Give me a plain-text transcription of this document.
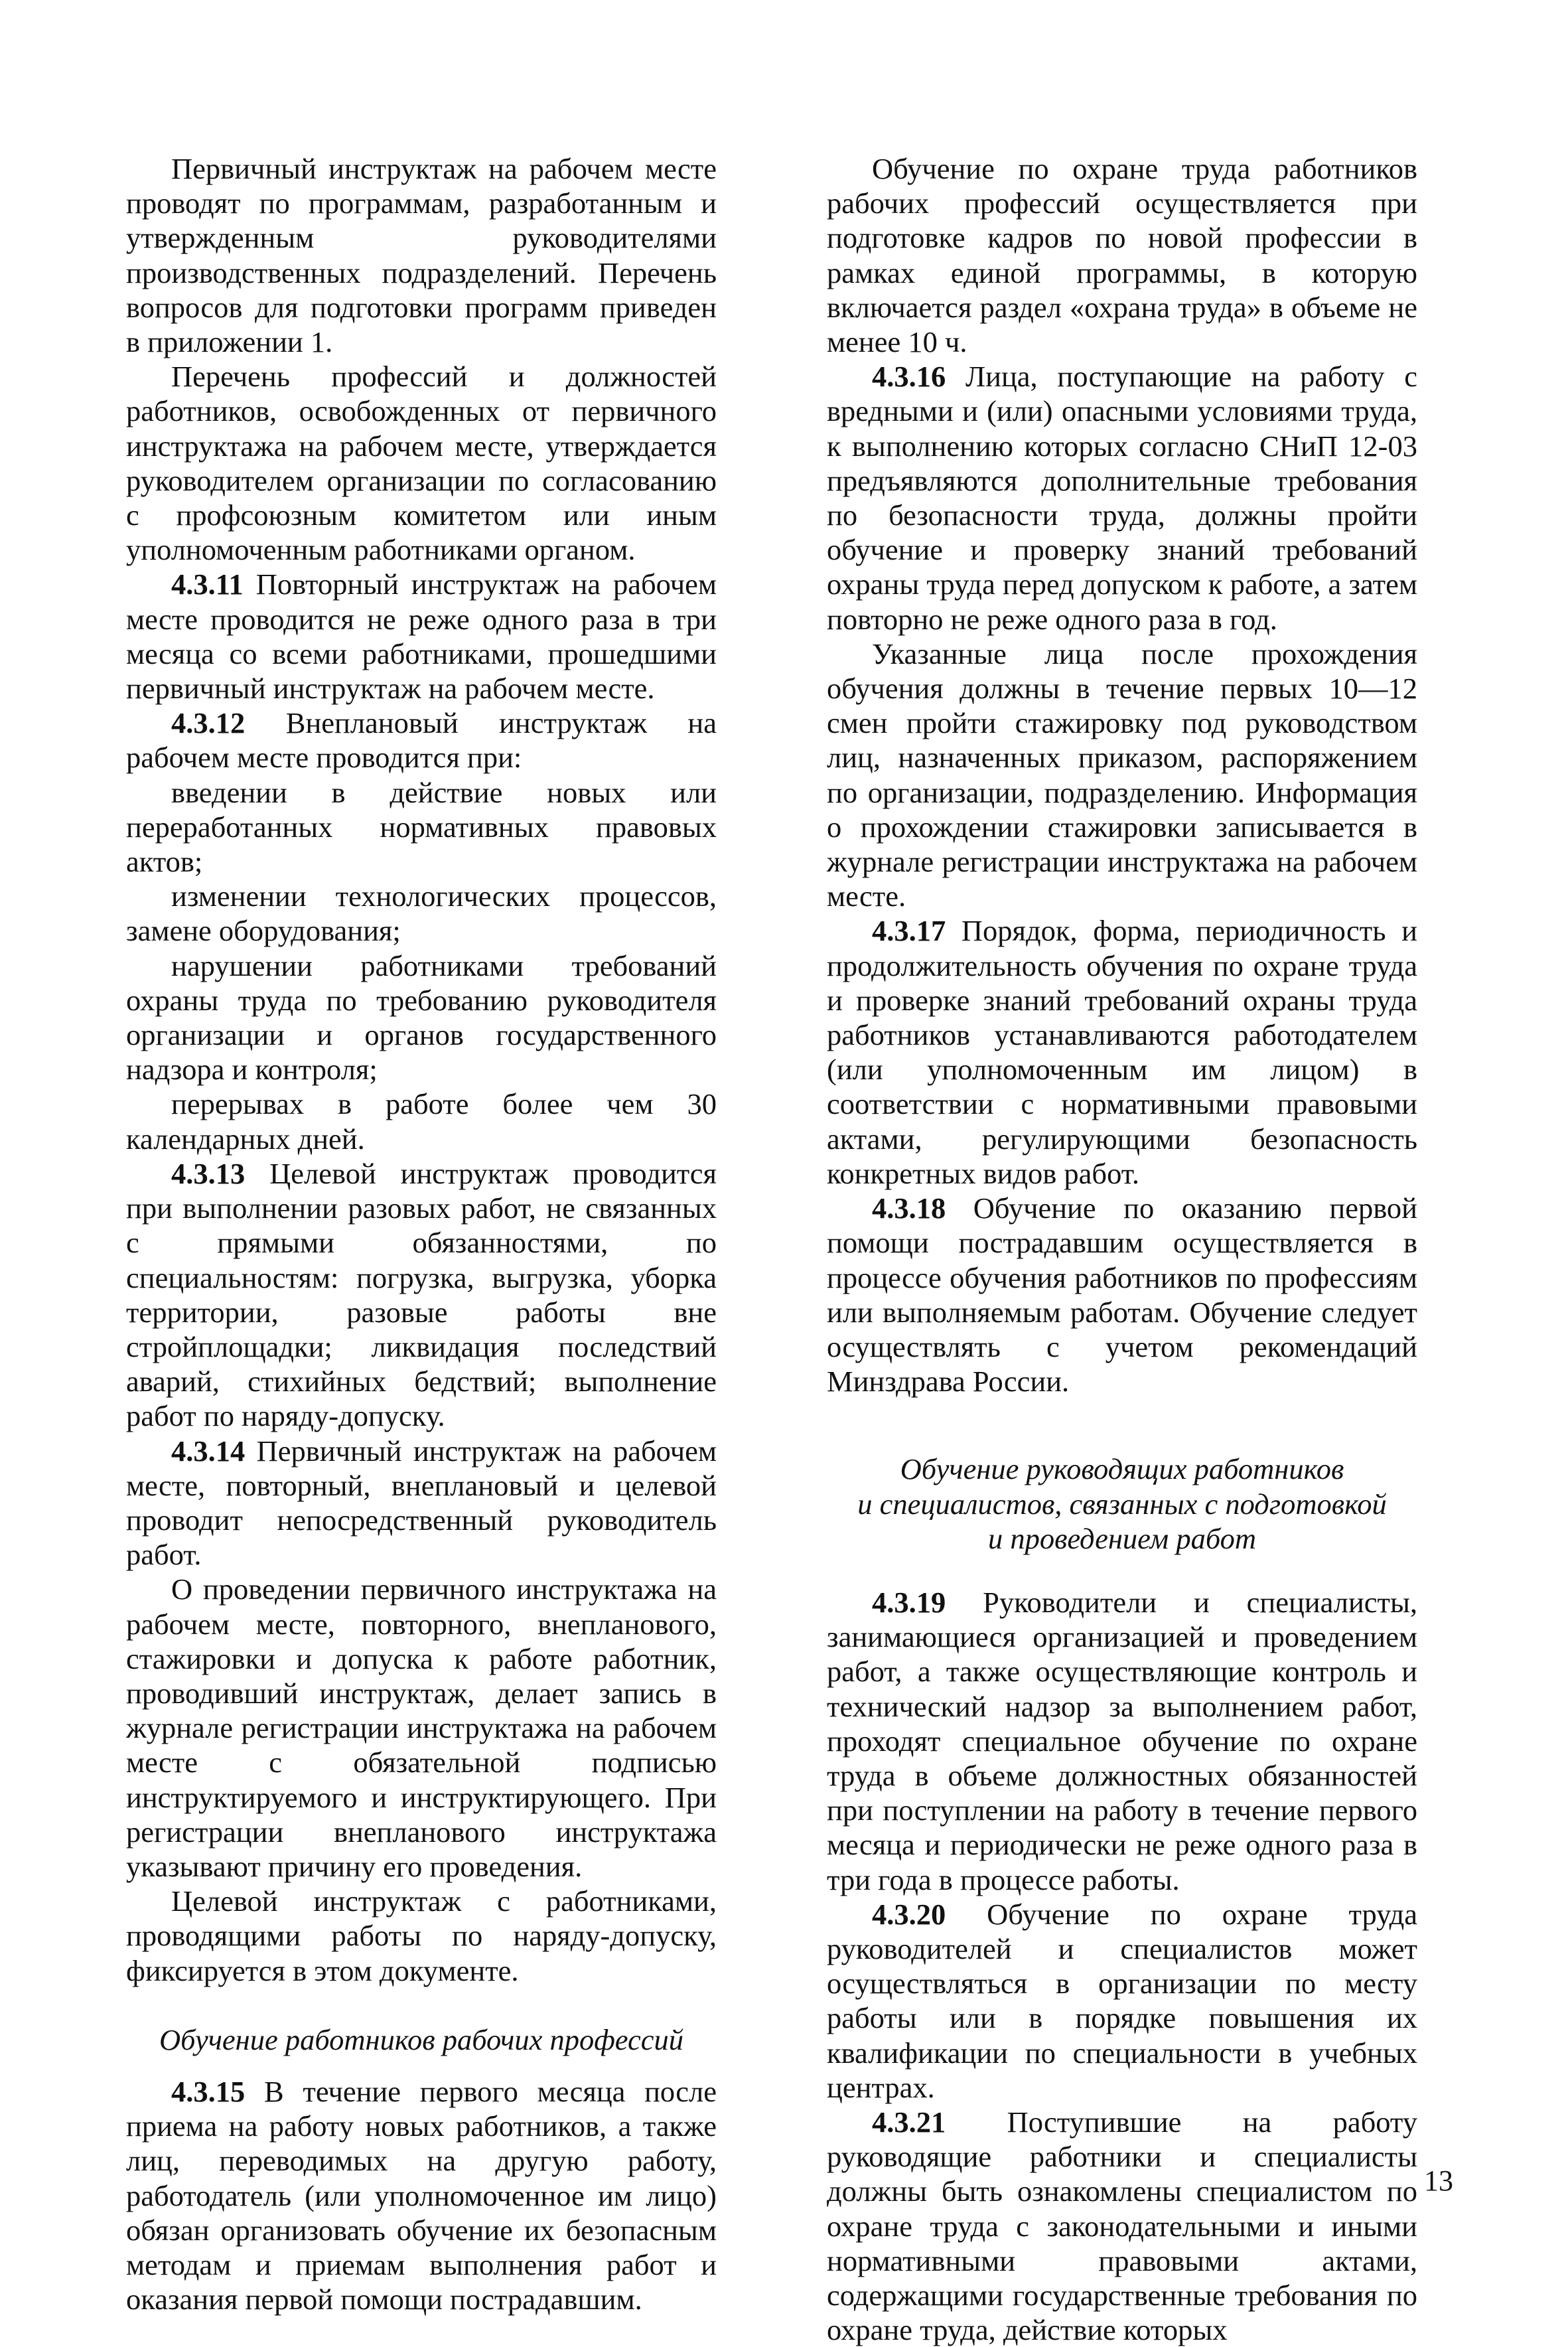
Первичный инструктаж на рабочем месте проводят по программам, разработанным и утвержденным руководителями производственных подразделений. Перечень вопросов для подготовки программ приведен в приложении 1.

Перечень профессий и должностей работников, освобожденных от первичного инструктажа на рабочем месте, утверждается руководителем организации по согласованию с профсоюзным комитетом или иным уполномоченным работниками органом.

4.3.11 Повторный инструктаж на рабочем месте проводится не реже одного раза в три месяца со всеми работниками, прошедшими первичный инструктаж на рабочем месте.

4.3.12 Внеплановый инструктаж на рабочем месте проводится при:

введении в действие новых или переработанных нормативных правовых актов;

изменении технологических процессов, замене оборудования;

нарушении работниками требований охраны труда по требованию руководителя организации и органов государственного надзора и контроля;

перерывах в работе более чем 30 календарных дней.

4.3.13 Целевой инструктаж проводится при выполнении разовых работ, не связанных с прямыми обязанностями, по специальностям: погрузка, выгрузка, уборка территории, разовые работы вне стройплощадки; ликвидация последствий аварий, стихийных бедствий; выполнение работ по наряду-допуску.

4.3.14 Первичный инструктаж на рабочем месте, повторный, внеплановый и целевой проводит непосредственный руководитель работ.

О проведении первичного инструктажа на рабочем месте, повторного, внепланового, стажировки и допуска к работе работник, проводивший инструктаж, делает запись в журнале регистрации инструктажа на рабочем месте с обязательной подписью инструктируемого и инструктирующего. При регистрации внепланового инструктажа указывают причину его проведения.

Целевой инструктаж с работниками, проводящими работы по наряду-допуску, фиксируется в этом документе.

Обучение работников рабочих профессий

4.3.15 В течение первого месяца после приема на работу новых работников, а также лиц, переводимых на другую работу, работодатель (или уполномоченное им лицо) обязан организовать обучение их безопасным методам и приемам выполнения работ и оказания первой помощи пострадавшим.

Обучение по охране труда работников рабочих профессий осуществляется при подготовке кадров по новой профессии в рамках единой программы, в которую включается раздел «охрана труда» в объеме не менее 10 ч.

4.3.16 Лица, поступающие на работу с вредными и (или) опасными условиями труда, к выполнению которых согласно СНиП 12-03 предъявляются дополнительные требования по безопасности труда, должны пройти обучение и проверку знаний требований охраны труда перед допуском к работе, а затем повторно не реже одного раза в год.

Указанные лица после прохождения обучения должны в течение первых 10—12 смен пройти стажировку под руководством лиц, назначенных приказом, распоряжением по организации, подразделению. Информация о прохождении стажировки записывается в журнале регистрации инструктажа на рабочем месте.

4.3.17 Порядок, форма, периодичность и продолжительность обучения по охране труда и проверке знаний требований охраны труда работников устанавливаются работодателем (или уполномоченным им лицом) в соответствии с нормативными правовыми актами, регулирующими безопасность конкретных видов работ.

4.3.18 Обучение по оказанию первой помощи пострадавшим осуществляется в процессе обучения работников по профессиям или выполняемым работам. Обучение следует осуществлять с учетом рекомендаций Минздрава России.

Обучение руководящих работников

и специалистов, связанных с подготовкой

и проведением работ

4.3.19 Руководители и специалисты, занимающиеся организацией и проведением работ, а также осуществляющие контроль и технический надзор за выполнением работ, проходят специальное обучение по охране труда в объеме должностных обязанностей при поступлении на работу в течение первого месяца и периодически не реже одного раза в три года в процессе работы.

4.3.20 Обучение по охране труда руководителей и специалистов может осуществляться в организации по месту работы или в порядке повышения их квалификации по специальности в учебных центрах.

4.3.21 Поступившие на работу руководящие работники и специалисты должны быть ознакомлены специалистом по охране труда с законодательными и иными нормативными правовыми актами, содержащими государственные требования по охране труда, действие которых

13
